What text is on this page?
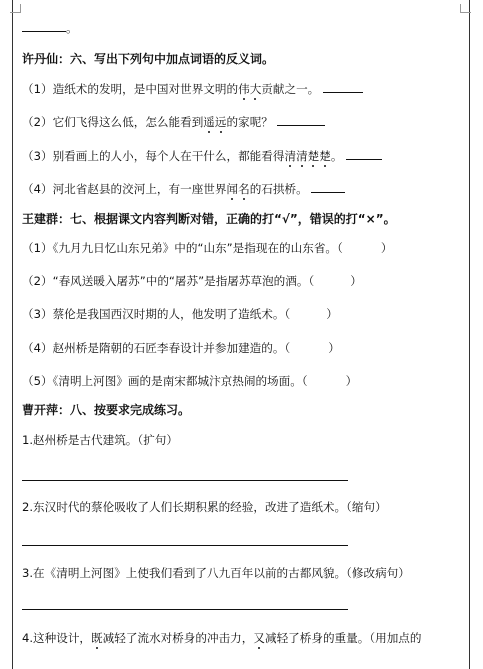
。
许丹仙：六、写出下列句中加点词语的反义词。
（1）造纸术的发明，是中国对世界文明的伟大贡献之一。
（2）它们飞得这么低，怎么能看到遥远的家呢？
（3）别看画上的人小，每个人在干什么，都能看得清清楚楚。
（4）河北省赵县的洨河上，有一座世界闻名的石拱桥。
王建群：七、根据课文内容判断对错，正确的打“√”，错误的打“×”。
（1）《九月九日忆山东兄弟》中的“山东”是指现在的山东省。（	）
（2）“春风送暖入屠苏”中的“屠苏”是指屠苏草泡的酒。（	）
（3）蔡伦是我国西汉时期的人，他发明了造纸术。（	）
（4）赵州桥是隋朝的石匠李春设计并参加建造的。（	）
（5）《清明上河图》画的是南宋都城汴京热闹的场面。（	）
曹开萍：八、按要求完成练习。
1.赵州桥是古代建筑。（扩句）
2.东汉时代的蔡伦吸收了人们长期积累的经验，改进了造纸术。（缩句）
3.在《清明上河图》上使我们看到了八九百年以前的古都风貌。（修改病句）
4.这种设计，既减轻了流水对桥身的冲击力，又减轻了桥身的重量。（用加点的
